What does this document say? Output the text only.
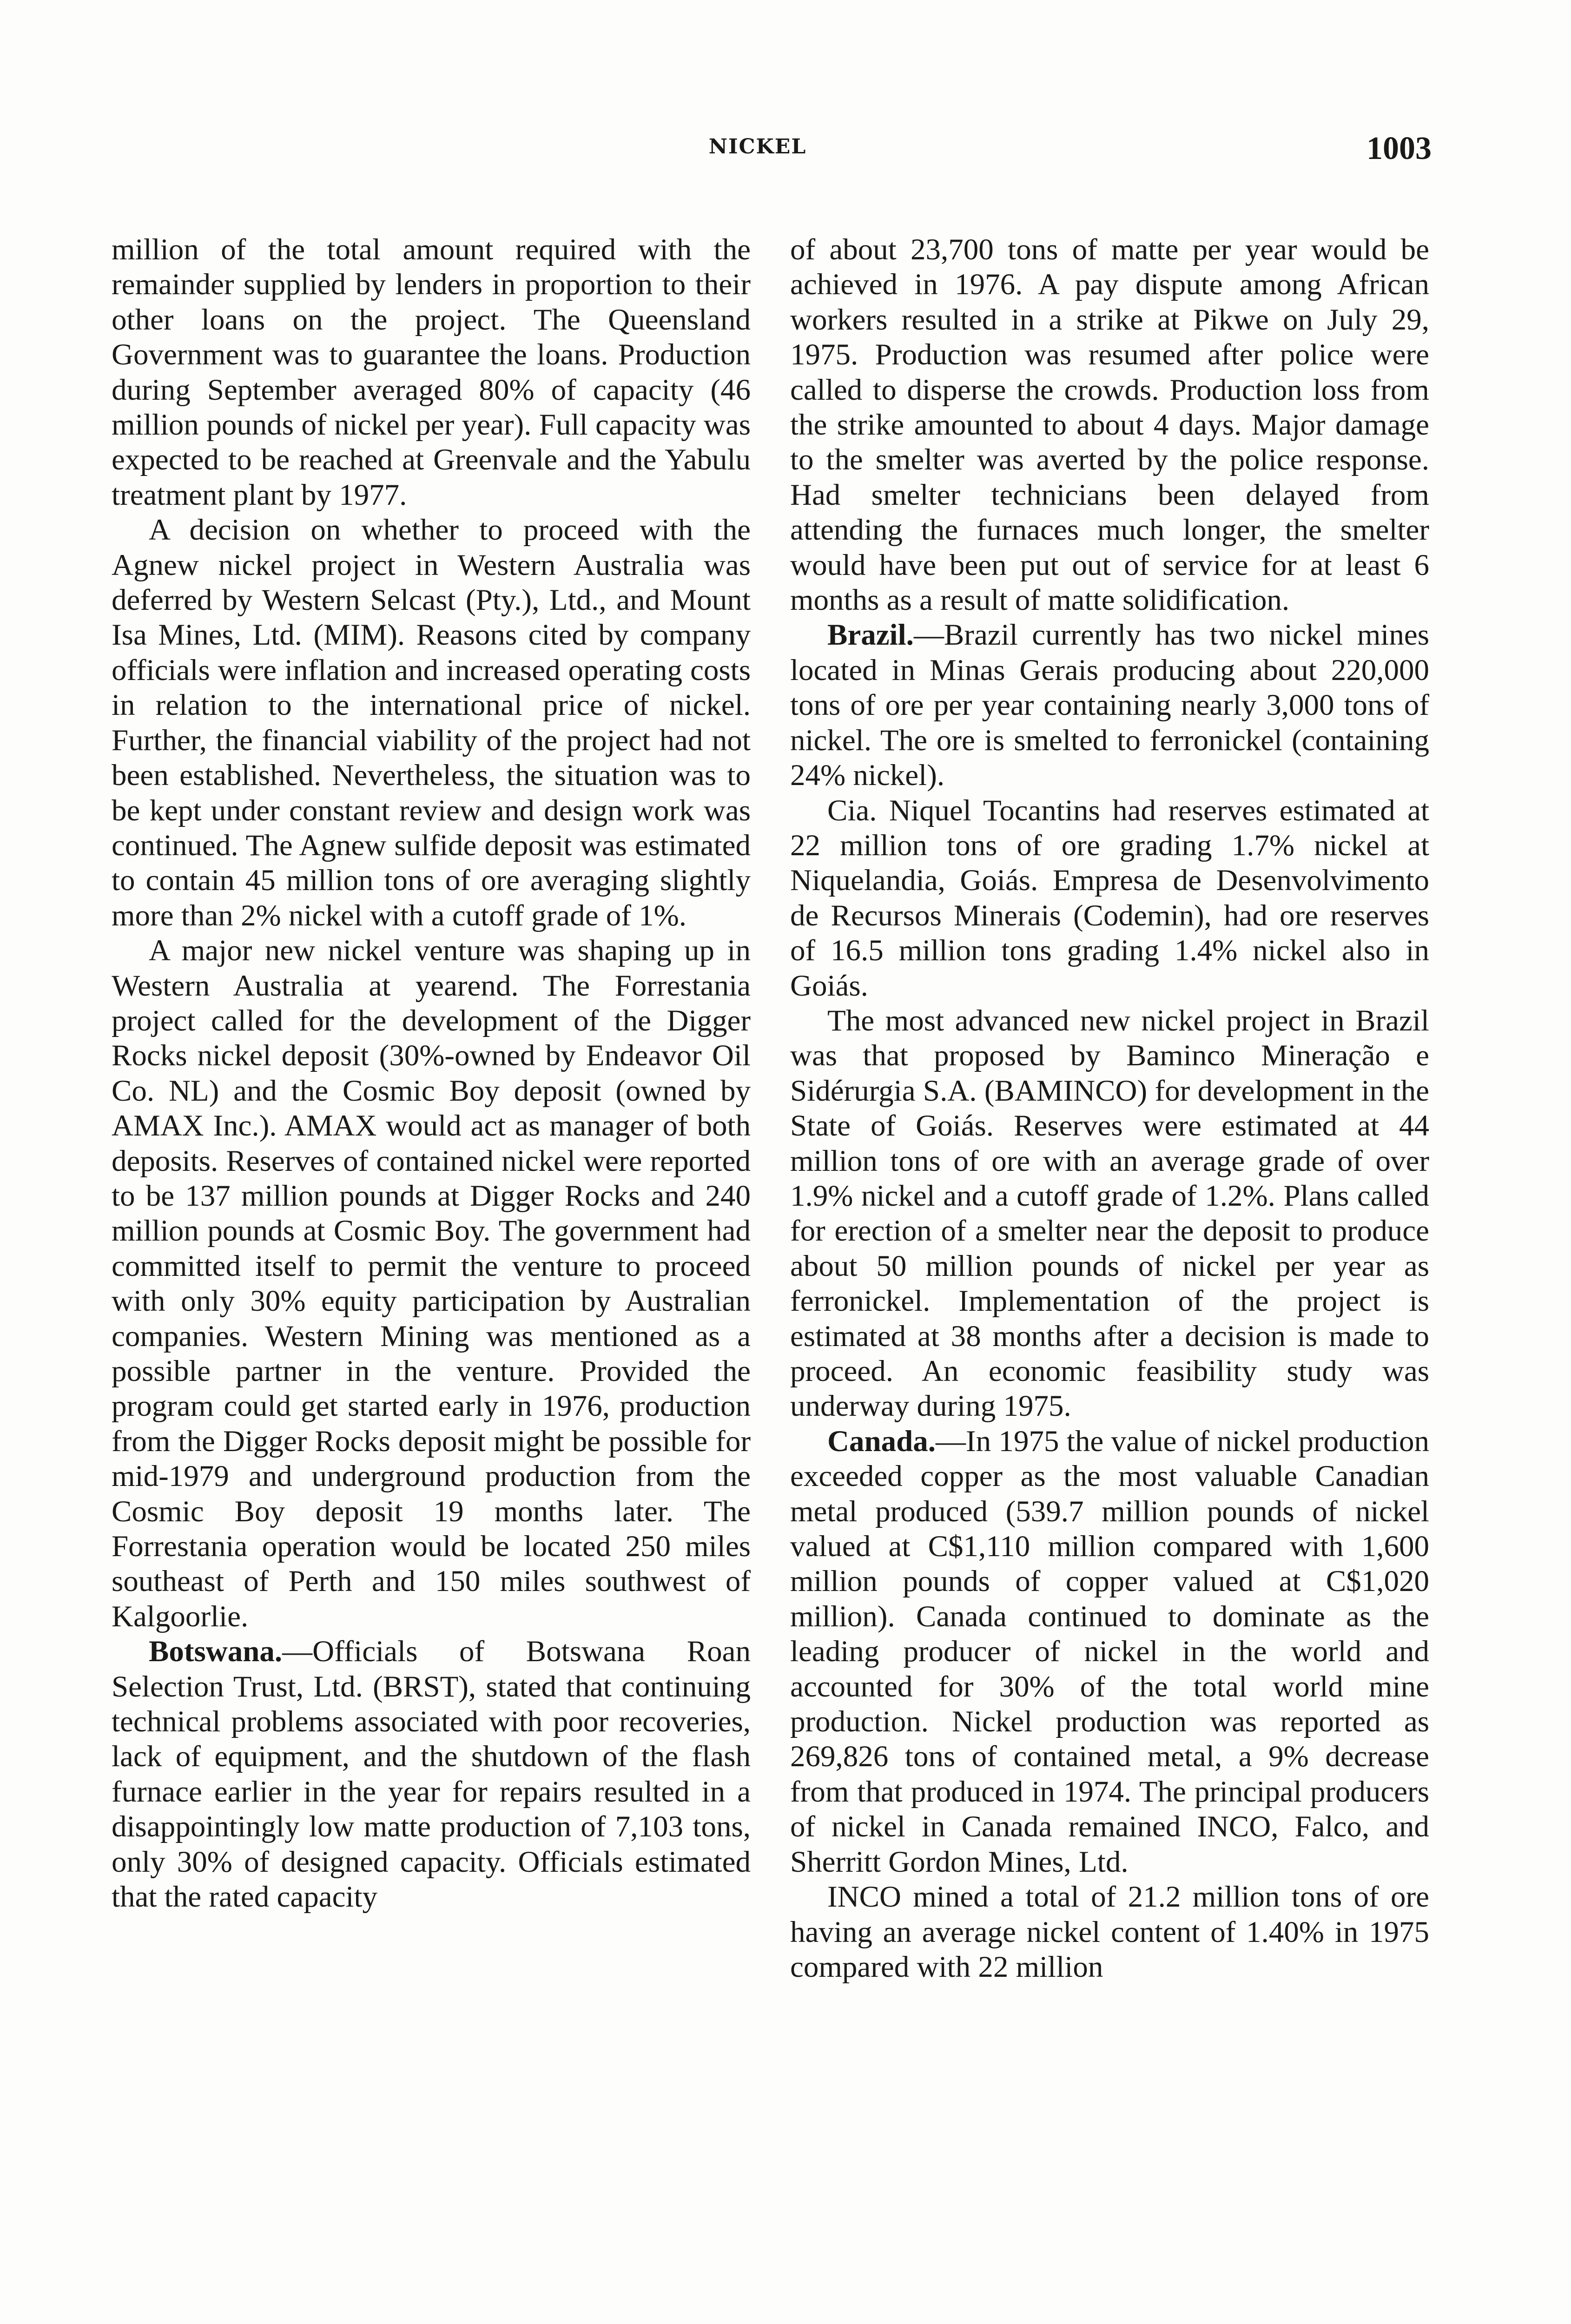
NICKEL	1003

million of the total amount required with the remainder supplied by lenders in proportion to their other loans on the project. The Queensland Government was to guarantee the loans. Production during September averaged 80% of capacity (46 million pounds of nickel per year). Full capacity was expected to be reached at Greenvale and the Yabulu treatment plant by 1977.

A decision on whether to proceed with the Agnew nickel project in Western Australia was deferred by Western Selcast (Pty.), Ltd., and Mount Isa Mines, Ltd. (MIM). Reasons cited by company officials were inflation and increased operating costs in relation to the international price of nickel. Further, the financial viability of the project had not been established. Nevertheless, the situation was to be kept under constant review and design work was continued. The Agnew sulfide deposit was estimated to contain 45 million tons of ore averaging slightly more than 2% nickel with a cutoff grade of 1%.

A major new nickel venture was shaping up in Western Australia at yearend. The Forrestania project called for the development of the Digger Rocks nickel deposit (30%-owned by Endeavor Oil Co. NL) and the Cosmic Boy deposit (owned by AMAX Inc.). AMAX would act as manager of both deposits. Reserves of contained nickel were reported to be 137 million pounds at Digger Rocks and 240 million pounds at Cosmic Boy. The government had committed itself to permit the venture to proceed with only 30% equity participation by Australian companies. Western Mining was mentioned as a possible partner in the venture. Provided the program could get started early in 1976, production from the Digger Rocks deposit might be possible for mid-1979 and underground production from the Cosmic Boy deposit 19 months later. The Forrestania operation would be located 250 miles southeast of Perth and 150 miles southwest of Kalgoorlie.

Botswana.—Officials of Botswana Roan Selection Trust, Ltd. (BRST), stated that continuing technical problems associated with poor recoveries, lack of equipment, and the shutdown of the flash furnace earlier in the year for repairs resulted in a disappointingly low matte production of 7,103 tons, only 30% of designed capacity. Officials estimated that the rated capacity

of about 23,700 tons of matte per year would be achieved in 1976. A pay dispute among African workers resulted in a strike at Pikwe on July 29, 1975. Production was resumed after police were called to disperse the crowds. Production loss from the strike amounted to about 4 days. Major damage to the smelter was averted by the police response. Had smelter technicians been delayed from attending the furnaces much longer, the smelter would have been put out of service for at least 6 months as a result of matte solidification.

Brazil.—Brazil currently has two nickel mines located in Minas Gerais producing about 220,000 tons of ore per year containing nearly 3,000 tons of nickel. The ore is smelted to ferronickel (containing 24% nickel).

Cia. Niquel Tocantins had reserves estimated at 22 million tons of ore grading 1.7% nickel at Niquelandia, Goiás. Empresa de Desenvolvimento de Recursos Minerais (Codemin), had ore reserves of 16.5 million tons grading 1.4% nickel also in Goiás.

The most advanced new nickel project in Brazil was that proposed by Baminco Mineração e Sidérurgia S.A. (BAMINCO) for development in the State of Goiás. Reserves were estimated at 44 million tons of ore with an average grade of over 1.9% nickel and a cutoff grade of 1.2%. Plans called for erection of a smelter near the deposit to produce about 50 million pounds of nickel per year as ferronickel. Implementation of the project is estimated at 38 months after a decision is made to proceed. An economic feasibility study was underway during 1975.

Canada.—In 1975 the value of nickel production exceeded copper as the most valuable Canadian metal produced (539.7 million pounds of nickel valued at C$1,110 million compared with 1,600 million pounds of copper valued at C$1,020 million). Canada continued to dominate as the leading producer of nickel in the world and accounted for 30% of the total world mine production. Nickel production was reported as 269,826 tons of contained metal, a 9% decrease from that produced in 1974. The principal producers of nickel in Canada remained INCO, Falco, and Sherritt Gordon Mines, Ltd.

INCO mined a total of 21.2 million tons of ore having an average nickel content of 1.40% in 1975 compared with 22 million
